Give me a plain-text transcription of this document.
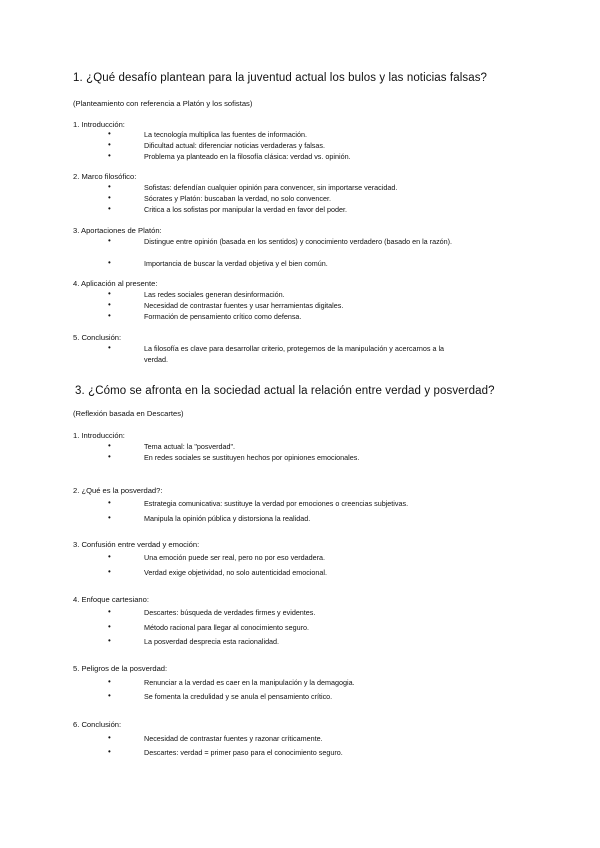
1. ¿Qué desafío plantean para la juventud actual los bulos y las noticias falsas?
(Planteamiento con referencia a Platón y los sofistas)
1. Introducción:
•	La tecnología multiplica las fuentes de información.
•	Dificultad actual: diferenciar noticias verdaderas y falsas.
•	Problema ya planteado en la filosofía clásica: verdad vs. opinión.
2. Marco filosófico:
•	Sofistas: defendían cualquier opinión para convencer, sin importarse veracidad.
•	Sócrates y Platón: buscaban la verdad, no solo convencer.
•	Critica a los sofistas por manipular la verdad en favor del poder.
3. Aportaciones de Platón:
•	Distingue entre opinión (basada en los sentidos) y conocimiento verdadero (basado en la razón).
•	Importancia de buscar la verdad objetiva y el bien común.
4. Aplicación al presente:
•	Las redes sociales generan desinformación.
•	Necesidad de contrastar fuentes y usar herramientas digitales.
•	Formación de pensamiento crítico como defensa.
5. Conclusión:
•	La filosofía es clave para desarrollar criterio, protegernos de la manipulación y acercarnos a la verdad.
3. ¿Cómo se afronta en la sociedad actual la relación entre verdad y posverdad?
(Reflexión basada en Descartes)
1. Introducción:
•	Tema actual: la "posverdad".
•	En redes sociales se sustituyen hechos por opiniones emocionales.
2. ¿Qué es la posverdad?:
•	Estrategia comunicativa: sustituye la verdad por emociones o creencias subjetivas.
•	Manipula la opinión pública y distorsiona la realidad.
3. Confusión entre verdad y emoción:
•	Una emoción puede ser real, pero no por eso verdadera.
•	Verdad exige objetividad, no solo autenticidad emocional.
4. Enfoque cartesiano:
•	Descartes: búsqueda de verdades firmes y evidentes.
•	Método racional para llegar al conocimiento seguro.
•	La posverdad desprecia esta racionalidad.
5. Peligros de la posverdad:
•	Renunciar a la verdad es caer en la manipulación y la demagogia.
•	Se fomenta la credulidad y se anula el pensamiento crítico.
6. Conclusión:
•	Necesidad de contrastar fuentes y razonar críticamente.
•	Descartes: verdad = primer paso para el conocimiento seguro.
